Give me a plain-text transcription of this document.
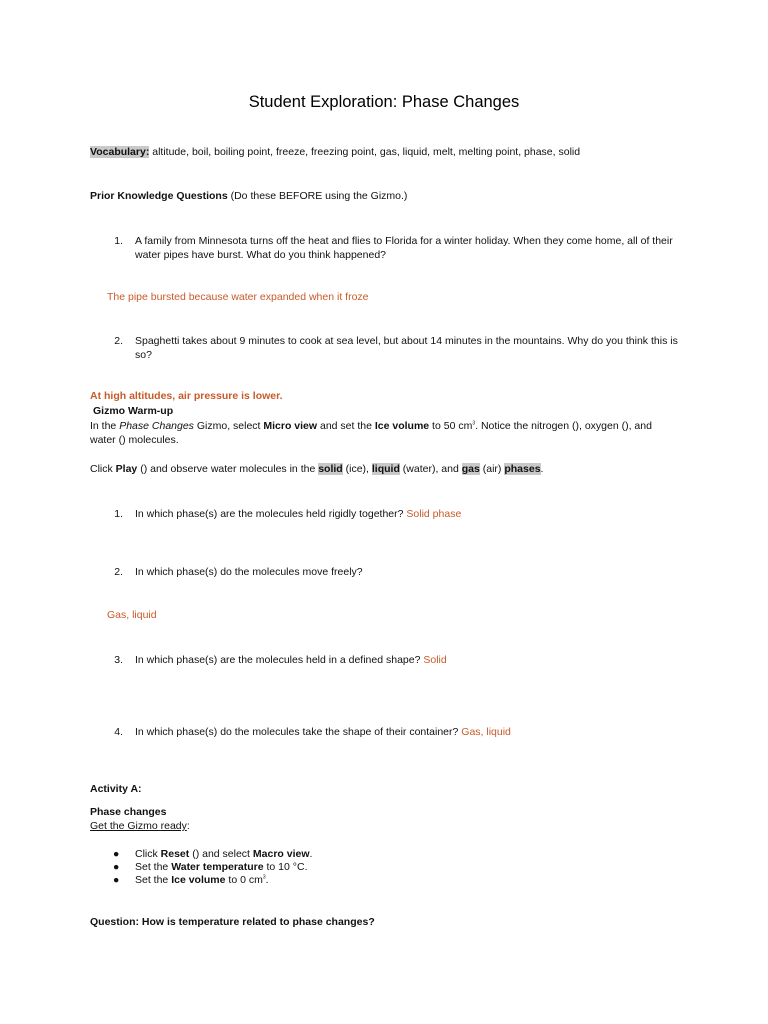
Student Exploration: Phase Changes
Vocabulary: altitude, boil, boiling point, freeze, freezing point, gas, liquid, melt, melting point, phase, solid
Prior Knowledge Questions (Do these BEFORE using the Gizmo.)
1. A family from Minnesota turns off the heat and flies to Florida for a winter holiday. When they come home, all of their water pipes have burst. What do you think happened?
The pipe bursted because water expanded when it froze
2. Spaghetti takes about 9 minutes to cook at sea level, but about 14 minutes in the mountains. Why do you think this is so?
At high altitudes, air pressure is lower.
Gizmo Warm-up
In the Phase Changes Gizmo, select Micro view and set the Ice volume to 50 $cm^3$. Notice the nitrogen (), oxygen (), and
water () molecules.
Click Play () and observe water molecules in the solid (ice), liquid (water), and gas (air) phases.
1. In which phase(s) are the molecules held rigidly together? Solid phase
2. In which phase(s) do the molecules move freely?
Gas, liquid
3. In which phase(s) are the molecules held in a defined shape? Solid
4. In which phase(s) do the molecules take the shape of their container? Gas, liquid
Activity A:
Phase changes
Get the Gizmo ready:
● Click Reset () and select Macro view.
● Set the Water temperature to 10 °C.
● Set the Ice volume to 0 $cm^3$.
Question: How is temperature related to phase changes?
